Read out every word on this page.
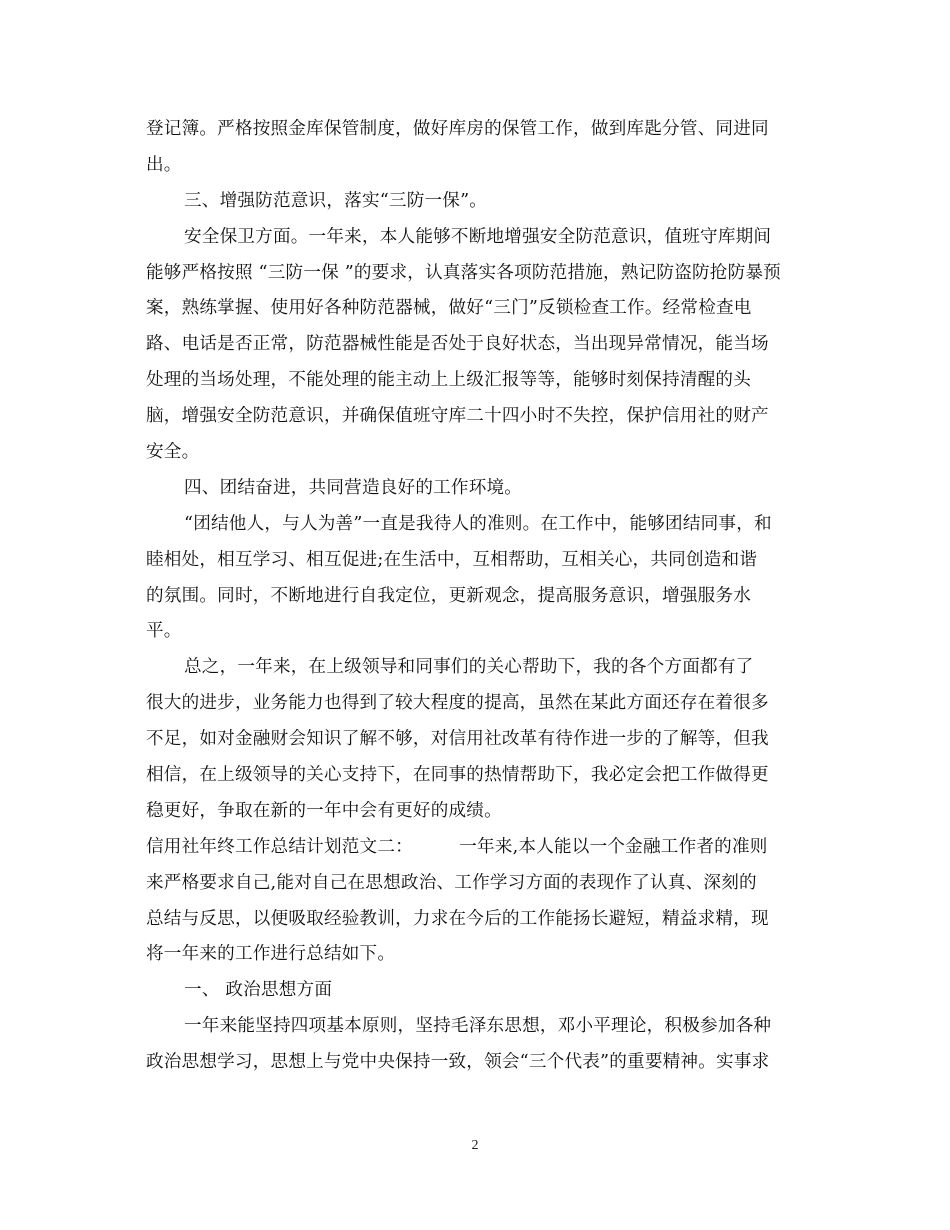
登记簿。严格按照金库保管制度，做好库房的保管工作，做到库匙分管、同进同
出。
三、增强防范意识，落实“三防一保”。
安全保卫方面。一年来，本人能够不断地增强安全防范意识，值班守库期间
能够严格按照 “三防一保 ”的要求，认真落实各项防范措施，熟记防盗防抢防暴预
案，熟练掌握、使用好各种防范器械，做好“三门”反锁检查工作。经常检查电
路、电话是否正常，防范器械性能是否处于良好状态，当出现异常情况，能当场
处理的当场处理，不能处理的能主动上上级汇报等等，能够时刻保持清醒的头
脑，增强安全防范意识，并确保值班守库二十四小时不失控，保护信用社的财产
安全。
四、团结奋进，共同营造良好的工作环境。
“团结他人，与人为善”一直是我待人的准则。在工作中，能够团结同事，和
睦相处，相互学习、相互促进;在生活中，互相帮助，互相关心，共同创造和谐
的氛围。同时，不断地进行自我定位，更新观念，提高服务意识，增强服务水
平。
总之，一年来，在上级领导和同事们的关心帮助下，我的各个方面都有了
很大的进步，业务能力也得到了较大程度的提高，虽然在某此方面还存在着很多
不足，如对金融财会知识了解不够，对信用社改革有待作进一步的了解等，但我
相信，在上级领导的关心支持下，在同事的热情帮助下，我必定会把工作做得更
稳更好，争取在新的一年中会有更好的成绩。
信用社年终工作总结计划范文二：        一年来,本人能以一个金融工作者的准则
来严格要求自己,能对自己在思想政治、工作学习方面的表现作了认真、深刻的
总结与反思，以便吸取经验教训，力求在今后的工作能扬长避短，精益求精，现
将一年来的工作进行总结如下。
一、 政治思想方面
一年来能坚持四项基本原则，坚持毛泽东思想，邓小平理论，积极参加各种
政治思想学习，思想上与党中央保持一致，领会“三个代表”的重要精神。实事求
2
